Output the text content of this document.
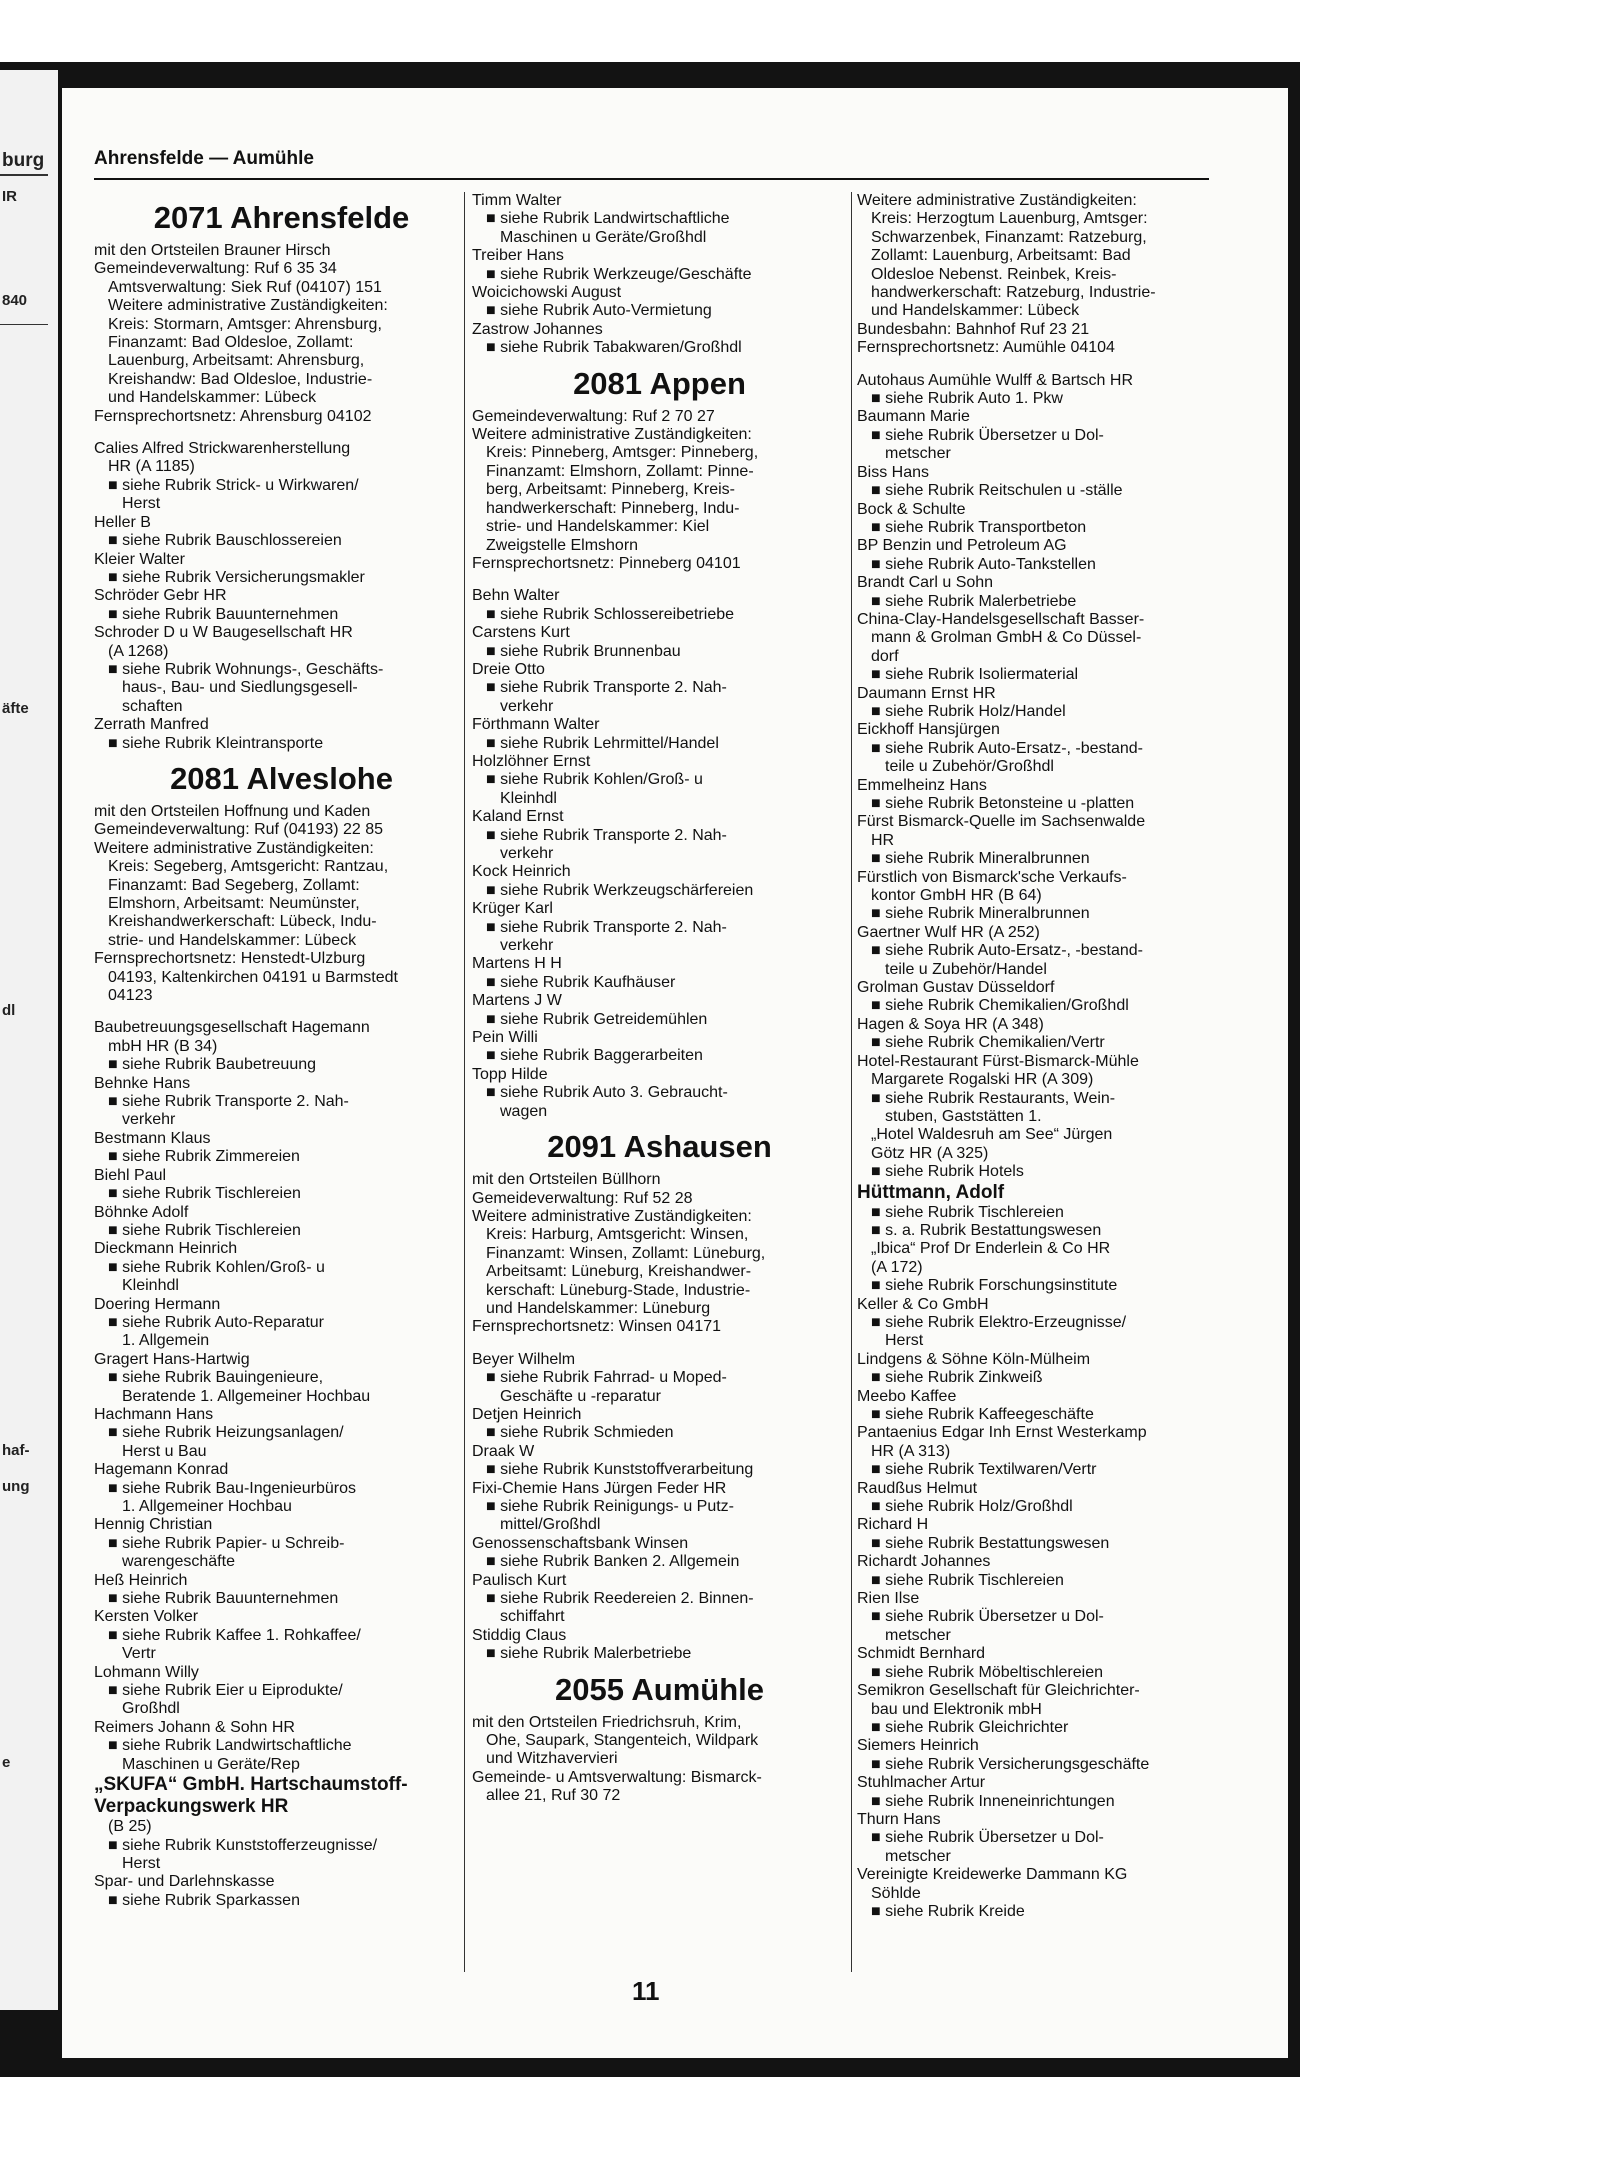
burg
IR
840
äfte
dl
haf-
ung
e
Ahrensfelde — Aumühle
2071 Ahrensfelde
mit den Ortsteilen Brauner Hirsch
Gemeindeverwaltung: Ruf 6 35 34
Amtsverwaltung: Siek Ruf (04107) 151
Weitere administrative Zuständigkeiten:
Kreis: Stormarn, Amtsger: Ahrensburg,
Finanzamt: Bad Oldesloe, Zollamt:
Lauenburg, Arbeitsamt: Ahrensburg,
Kreishandw: Bad Oldesloe, Industrie-
und Handelskammer: Lübeck
Fernsprechortsnetz: Ahrensburg 04102
Calies Alfred Strickwarenherstellung
HR (A 1185)
■ siehe Rubrik Strick- u Wirkwaren/
Herst
Heller B
■ siehe Rubrik Bauschlossereien
Kleier Walter
■ siehe Rubrik Versicherungsmakler
Schröder Gebr HR
■ siehe Rubrik Bauunternehmen
Schroder D u W Baugesellschaft HR
(A 1268)
■ siehe Rubrik Wohnungs-, Geschäfts-
haus-, Bau- und Siedlungsgesell-
schaften
Zerrath Manfred
■ siehe Rubrik Kleintransporte
2081 Alveslohe
mit den Ortsteilen Hoffnung und Kaden
Gemeindeverwaltung: Ruf (04193) 22 85
Weitere administrative Zuständigkeiten:
Kreis: Segeberg, Amtsgericht: Rantzau,
Finanzamt: Bad Segeberg, Zollamt:
Elmshorn, Arbeitsamt: Neumünster,
Kreishandwerkerschaft: Lübeck, Indu-
strie- und Handelskammer: Lübeck
Fernsprechortsnetz: Henstedt-Ulzburg
04193, Kaltenkirchen 04191 u Barmstedt
04123
Baubetreuungsgesellschaft Hagemann
mbH HR (B 34)
■ siehe Rubrik Baubetreuung
Behnke Hans
■ siehe Rubrik Transporte 2. Nah-
verkehr
Bestmann Klaus
■ siehe Rubrik Zimmereien
Biehl Paul
■ siehe Rubrik Tischlereien
Böhnke Adolf
■ siehe Rubrik Tischlereien
Dieckmann Heinrich
■ siehe Rubrik Kohlen/Groß- u
Kleinhdl
Doering Hermann
■ siehe Rubrik Auto-Reparatur
1. Allgemein
Gragert Hans-Hartwig
■ siehe Rubrik Bauingenieure,
Beratende 1. Allgemeiner Hochbau
Hachmann Hans
■ siehe Rubrik Heizungsanlagen/
Herst u Bau
Hagemann Konrad
■ siehe Rubrik Bau-Ingenieurbüros
1. Allgemeiner Hochbau
Hennig Christian
■ siehe Rubrik Papier- u Schreib-
warengeschäfte
Heß Heinrich
■ siehe Rubrik Bauunternehmen
Kersten Volker
■ siehe Rubrik Kaffee 1. Rohkaffee/
Vertr
Lohmann Willy
■ siehe Rubrik Eier u Eiprodukte/
Großhdl
Reimers Johann & Sohn HR
■ siehe Rubrik Landwirtschaftliche
Maschinen u Geräte/Rep
„SKUFA“ GmbH. Hartschaumstoff-
Verpackungswerk HR
(B 25)
■ siehe Rubrik Kunststofferzeugnisse/
Herst
Spar- und Darlehnskasse
■ siehe Rubrik Sparkassen
Timm Walter
■ siehe Rubrik Landwirtschaftliche
Maschinen u Geräte/Großhdl
Treiber Hans
■ siehe Rubrik Werkzeuge/Geschäfte
Woicichowski August
■ siehe Rubrik Auto-Vermietung
Zastrow Johannes
■ siehe Rubrik Tabakwaren/Großhdl
2081 Appen
Gemeindeverwaltung: Ruf 2 70 27
Weitere administrative Zuständigkeiten:
Kreis: Pinneberg, Amtsger: Pinneberg,
Finanzamt: Elmshorn, Zollamt: Pinne-
berg, Arbeitsamt: Pinneberg, Kreis-
handwerkerschaft: Pinneberg, Indu-
strie- und Handelskammer: Kiel
Zweigstelle Elmshorn
Fernsprechortsnetz: Pinneberg 04101
Behn Walter
■ siehe Rubrik Schlossereibetriebe
Carstens Kurt
■ siehe Rubrik Brunnenbau
Dreie Otto
■ siehe Rubrik Transporte 2. Nah-
verkehr
Förthmann Walter
■ siehe Rubrik Lehrmittel/Handel
Holzlöhner Ernst
■ siehe Rubrik Kohlen/Groß- u
Kleinhdl
Kaland Ernst
■ siehe Rubrik Transporte 2. Nah-
verkehr
Kock Heinrich
■ siehe Rubrik Werkzeugschärfereien
Krüger Karl
■ siehe Rubrik Transporte 2. Nah-
verkehr
Martens H H
■ siehe Rubrik Kaufhäuser
Martens J W
■ siehe Rubrik Getreidemühlen
Pein Willi
■ siehe Rubrik Baggerarbeiten
Topp Hilde
■ siehe Rubrik Auto 3. Gebraucht-
wagen
2091 Ashausen
mit den Ortsteilen Büllhorn
Gemeideverwaltung: Ruf 52 28
Weitere administrative Zuständigkeiten:
Kreis: Harburg, Amtsgericht: Winsen,
Finanzamt: Winsen, Zollamt: Lüneburg,
Arbeitsamt: Lüneburg, Kreishandwer-
kerschaft: Lüneburg-Stade, Industrie-
und Handelskammer: Lüneburg
Fernsprechortsnetz: Winsen 04171
Beyer Wilhelm
■ siehe Rubrik Fahrrad- u Moped-
Geschäfte u -reparatur
Detjen Heinrich
■ siehe Rubrik Schmieden
Draak W
■ siehe Rubrik Kunststoffverarbeitung
Fixi-Chemie Hans Jürgen Feder HR
■ siehe Rubrik Reinigungs- u Putz-
mittel/Großhdl
Genossenschaftsbank Winsen
■ siehe Rubrik Banken 2. Allgemein
Paulisch Kurt
■ siehe Rubrik Reedereien 2. Binnen-
schiffahrt
Stiddig Claus
■ siehe Rubrik Malerbetriebe
2055 Aumühle
mit den Ortsteilen Friedrichsruh, Krim,
Ohe, Saupark, Stangenteich, Wildpark
und Witzhavervieri
Gemeinde- u Amtsverwaltung: Bismarck-
allee 21, Ruf 30 72
Weitere administrative Zuständigkeiten:
Kreis: Herzogtum Lauenburg, Amtsger:
Schwarzenbek, Finanzamt: Ratzeburg,
Zollamt: Lauenburg, Arbeitsamt: Bad
Oldesloe Nebenst. Reinbek, Kreis-
handwerkerschaft: Ratzeburg, Industrie-
und Handelskammer: Lübeck
Bundesbahn: Bahnhof Ruf 23 21
Fernsprechortsnetz: Aumühle 04104
Autohaus Aumühle Wulff & Bartsch HR
■ siehe Rubrik Auto 1. Pkw
Baumann Marie
■ siehe Rubrik Übersetzer u Dol-
metscher
Biss Hans
■ siehe Rubrik Reitschulen u -ställe
Bock & Schulte
■ siehe Rubrik Transportbeton
BP Benzin und Petroleum AG
■ siehe Rubrik Auto-Tankstellen
Brandt Carl u Sohn
■ siehe Rubrik Malerbetriebe
China-Clay-Handelsgesellschaft Basser-
mann & Grolman GmbH & Co Düssel-
dorf
■ siehe Rubrik Isoliermaterial
Daumann Ernst HR
■ siehe Rubrik Holz/Handel
Eickhoff Hansjürgen
■ siehe Rubrik Auto-Ersatz-, -bestand-
teile u Zubehör/Großhdl
Emmelheinz Hans
■ siehe Rubrik Betonsteine u -platten
Fürst Bismarck-Quelle im Sachsenwalde
HR
■ siehe Rubrik Mineralbrunnen
Fürstlich von Bismarck'sche Verkaufs-
kontor GmbH HR (B 64)
■ siehe Rubrik Mineralbrunnen
Gaertner Wulf HR (A 252)
■ siehe Rubrik Auto-Ersatz-, -bestand-
teile u Zubehör/Handel
Grolman Gustav Düsseldorf
■ siehe Rubrik Chemikalien/Großhdl
Hagen & Soya HR (A 348)
■ siehe Rubrik Chemikalien/Vertr
Hotel-Restaurant Fürst-Bismarck-Mühle
Margarete Rogalski HR (A 309)
■ siehe Rubrik Restaurants, Wein-
stuben, Gaststätten 1.
„Hotel Waldesruh am See“ Jürgen
Götz HR (A 325)
■ siehe Rubrik Hotels
Hüttmann, Adolf
■ siehe Rubrik Tischlereien
■ s. a. Rubrik Bestattungswesen
„Ibica“ Prof Dr Enderlein & Co HR
(A 172)
■ siehe Rubrik Forschungsinstitute
Keller & Co GmbH
■ siehe Rubrik Elektro-Erzeugnisse/
Herst
Lindgens & Söhne Köln-Mülheim
■ siehe Rubrik Zinkweiß
Meebo Kaffee
■ siehe Rubrik Kaffeegeschäfte
Pantaenius Edgar Inh Ernst Westerkamp
HR (A 313)
■ siehe Rubrik Textilwaren/Vertr
Raudßus Helmut
■ siehe Rubrik Holz/Großhdl
Richard H
■ siehe Rubrik Bestattungswesen
Richardt Johannes
■ siehe Rubrik Tischlereien
Rien Ilse
■ siehe Rubrik Übersetzer u Dol-
metscher
Schmidt Bernhard
■ siehe Rubrik Möbeltischlereien
Semikron Gesellschaft für Gleichrichter-
bau und Elektronik mbH
■ siehe Rubrik Gleichrichter
Siemers Heinrich
■ siehe Rubrik Versicherungsgeschäfte
Stuhlmacher Artur
■ siehe Rubrik Inneneinrichtungen
Thurn Hans
■ siehe Rubrik Übersetzer u Dol-
metscher
Vereinigte Kreidewerke Dammann KG
Söhlde
■ siehe Rubrik Kreide
11
